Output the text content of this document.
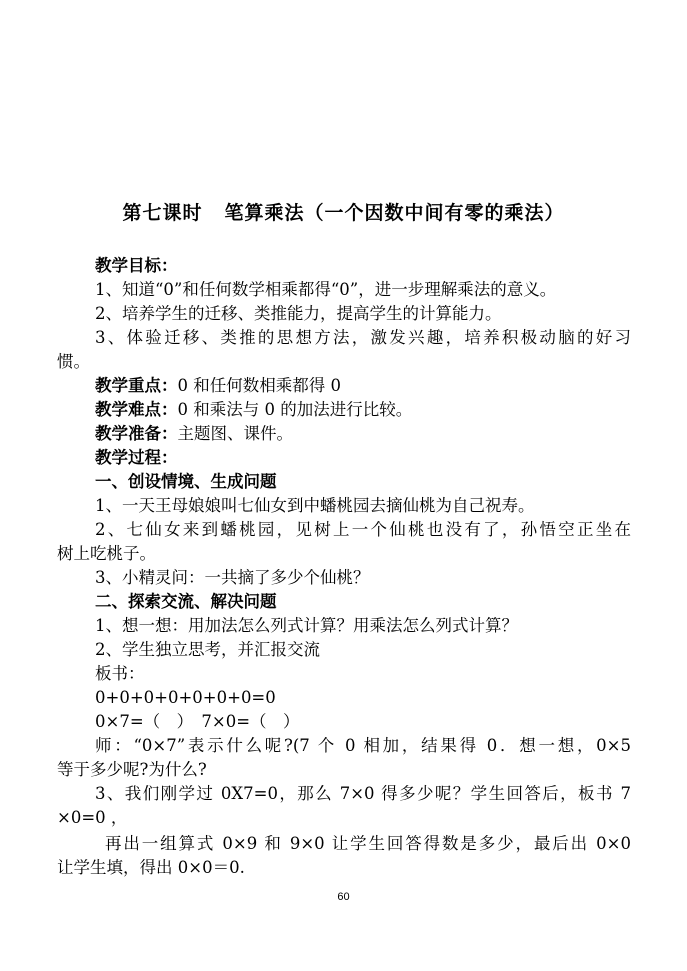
第七课时 笔算乘法（一个因数中间有零的乘法）
教学目标：
1、知道“0”和任何数学相乘都得“0”，进一步理解乘法的意义。
2、培养学生的迁移、类推能力，提高学生的计算能力。
3、体验迁移、类推的思想方法，激发兴趣，培养积极动脑的好习
惯。
教学重点：0 和任何数相乘都得 0
教学难点：0 和乘法与 0 的加法进行比较。
教学准备：主题图、课件。
教学过程：
一、创设情境、生成问题
1、一天王母娘娘叫七仙女到中蟠桃园去摘仙桃为自己祝寿。
2、七仙女来到蟠桃园，见树上一个仙桃也没有了，孙悟空正坐在
树上吃桃子。
3、小精灵问：一共摘了多少个仙桃？
二、探索交流、解决问题
1、想一想：用加法怎么列式计算？用乘法怎么列式计算？
2、学生独立思考，并汇报交流
板书：
0+0+0+0+0+0+0=0
0×7=（　）　7×0=（　）
师：“0×7”表示什么呢?(7 个 0 相加，结果得 0．想一想，0×5
等于多少呢?为什么?
3、我们刚学过 0X7=0，那么 7×0 得多少呢？学生回答后，板书 7
×0=0 ，
再出一组算式 0×9 和 9×0 让学生回答得数是多少，最后出 0×0
让学生填，得出 0×0＝0.
60
